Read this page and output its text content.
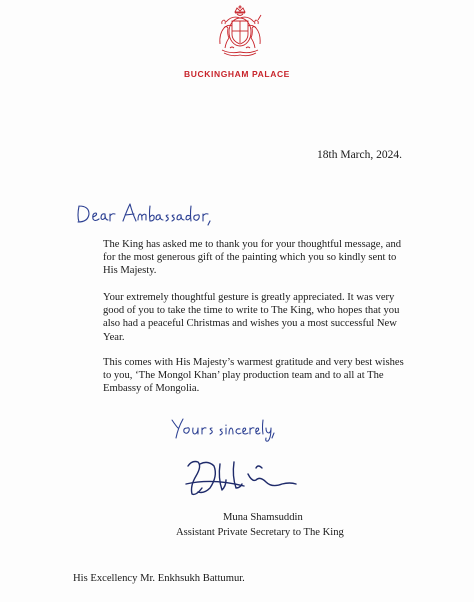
BUCKINGHAM PALACE
18th March, 2024.

The King has asked me to thank you for your thoughtful message, and for the most generous gift of the painting which you so kindly sent to His Majesty.

Your extremely thoughtful gesture is greatly appreciated. It was very good of you to take the time to write to The King, who hopes that you also had a peaceful Christmas and wishes you a most successful New Year.

This comes with His Majesty’s warmest gratitude and very best wishes to you, ‘The Mongol Khan’ play production team and to all at The Embassy of Mongolia.

Muna Shamsuddin
Assistant Private Secretary to The King
His Excellency Mr. Enkhsukh Battumur.
